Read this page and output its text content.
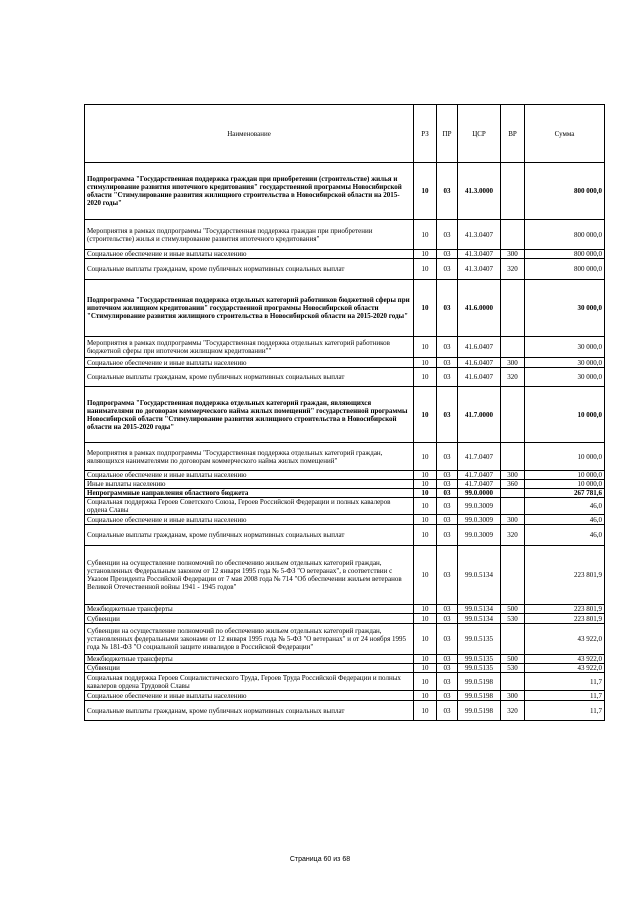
Наименование	РЗ	ПР	ЦСР	ВР	Сумма
Подпрограмма "Государственная поддержка граждан при приобретении (строительстве) жилья и стимулирование развития ипотечного кредитования" государственной программы Новосибирской области "Стимулирование развития жилищного строительства в Новосибирской области на 2015-2020 годы"	10	03	41.3.0000		800 000,0
Мероприятия в рамках подпрограммы "Государственная поддержка граждан при приобретении (строительстве) жилья и стимулирование развития ипотечного кредитования"	10	03	41.3.0407		800 000,0
Социальное обеспечение и иные выплаты населению	10	03	41.3.0407	300	800 000,0
Социальные выплаты гражданам, кроме публичных нормативных социальных выплат	10	03	41.3.0407	320	800 000,0
Подпрограмма "Государственная поддержка отдельных категорий работников бюджетной сферы при ипотечном жилищном кредитовании" государственной программы Новосибирской области "Стимулирование развития жилищного строительства в Новосибирской области на 2015-2020 годы"	10	03	41.6.0000		30 000,0
Мероприятия в рамках подпрограммы "Государственная поддержка отдельных категорий работников бюджетной сферы при ипотечном жилищном кредитовании""	10	03	41.6.0407		30 000,0
Социальное обеспечение и иные выплаты населению	10	03	41.6.0407	300	30 000,0
Социальные выплаты гражданам, кроме публичных нормативных социальных выплат	10	03	41.6.0407	320	30 000,0
Подпрограмма "Государственная поддержка отдельных категорий граждан, являющихся нанимателями по договорам коммерческого найма жилых помещений" государственной программы Новосибирской области "Стимулирование развития жилищного строительства в Новосибирской области на 2015-2020 годы"	10	03	41.7.0000		10 000,0
Мероприятия в рамках подпрограммы "Государственная поддержка отдельных категорий граждан, являющихся нанимателями по договорам коммерческого найма жилых помещений"	10	03	41.7.0407		10 000,0
Социальное обеспечение и иные выплаты населению	10	03	41.7.0407	300	10 000,0
Иные выплаты населению	10	03	41.7.0407	360	10 000,0
Непрограммные направления областного бюджета	10	03	99.0.0000		267 781,6
Социальная поддержка Героев Советского Союза, Героев Российской Федерации и полных кавалеров ордена Славы	10	03	99.0.3009		46,0
Социальное обеспечение и иные выплаты населению	10	03	99.0.3009	300	46,0
Социальные выплаты гражданам, кроме публичных нормативных социальных выплат	10	03	99.0.3009	320	46,0
Субвенции на осуществление полномочий по обеспечению жильем отдельных категорий граждан, установленных Федеральным законом от 12 января 1995 года № 5-ФЗ "О ветеранах", в соответствии с Указом Президента Российской Федерации от 7 мая 2008 года № 714 "Об обеспечении жильем ветеранов Великой Отечественной войны 1941 - 1945 годов"	10	03	99.0.5134		223 801,9
Межбюджетные трансферты	10	03	99.0.5134	500	223 801,9
Субвенции	10	03	99.0.5134	530	223 801,9
Субвенции на осуществление полномочий по обеспечению жильем отдельных категорий граждан, установленных федеральными законами от 12 января 1995 года № 5-ФЗ "О ветеранах" и от 24 ноября 1995 года № 181-ФЗ "О социальной защите инвалидов в Российской Федерации"	10	03	99.0.5135		43 922,0
Межбюджетные трансферты	10	03	99.0.5135	500	43 922,0
Субвенции	10	03	99.0.5135	530	43 922,0
Социальная поддержка Героев Социалистического Труда, Героев Труда Российской Федерации и полных кавалеров ордена Трудовой Славы	10	03	99.0.5198		11,7
Социальное обеспечение и иные выплаты населению	10	03	99.0.5198	300	11,7
Социальные выплаты гражданам, кроме публичных нормативных социальных выплат	10	03	99.0.5198	320	11,7
Страница 60 из 68
